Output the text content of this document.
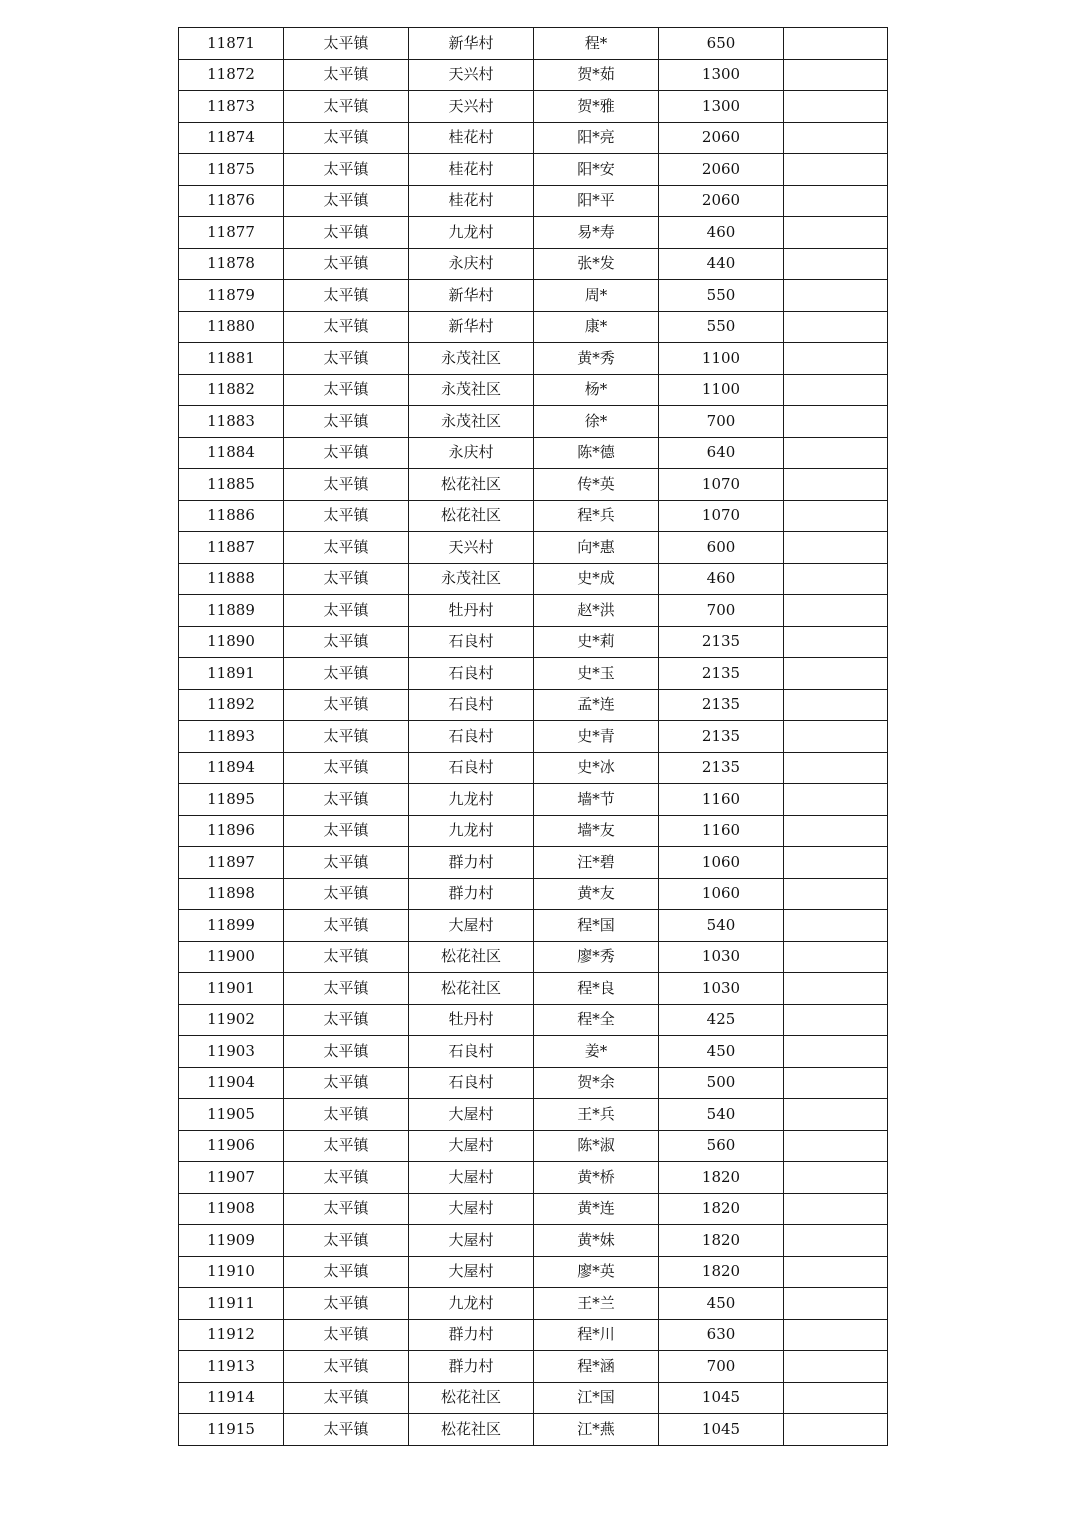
11871	太平镇	新华村	程*	650	
11872	太平镇	天兴村	贺*茹	1300	
11873	太平镇	天兴村	贺*雅	1300	
11874	太平镇	桂花村	阳*亮	2060	
11875	太平镇	桂花村	阳*安	2060	
11876	太平镇	桂花村	阳*平	2060	
11877	太平镇	九龙村	易*寿	460	
11878	太平镇	永庆村	张*发	440	
11879	太平镇	新华村	周*	550	
11880	太平镇	新华村	康*	550	
11881	太平镇	永茂社区	黄*秀	1100	
11882	太平镇	永茂社区	杨*	1100	
11883	太平镇	永茂社区	徐*	700	
11884	太平镇	永庆村	陈*德	640	
11885	太平镇	松花社区	传*英	1070	
11886	太平镇	松花社区	程*兵	1070	
11887	太平镇	天兴村	向*惠	600	
11888	太平镇	永茂社区	史*成	460	
11889	太平镇	牡丹村	赵*洪	700	
11890	太平镇	石良村	史*莉	2135	
11891	太平镇	石良村	史*玉	2135	
11892	太平镇	石良村	孟*连	2135	
11893	太平镇	石良村	史*青	2135	
11894	太平镇	石良村	史*冰	2135	
11895	太平镇	九龙村	墙*节	1160	
11896	太平镇	九龙村	墙*友	1160	
11897	太平镇	群力村	汪*碧	1060	
11898	太平镇	群力村	黄*友	1060	
11899	太平镇	大屋村	程*国	540	
11900	太平镇	松花社区	廖*秀	1030	
11901	太平镇	松花社区	程*良	1030	
11902	太平镇	牡丹村	程*全	425	
11903	太平镇	石良村	姜*	450	
11904	太平镇	石良村	贺*余	500	
11905	太平镇	大屋村	王*兵	540	
11906	太平镇	大屋村	陈*淑	560	
11907	太平镇	大屋村	黄*桥	1820	
11908	太平镇	大屋村	黄*连	1820	
11909	太平镇	大屋村	黄*妹	1820	
11910	太平镇	大屋村	廖*英	1820	
11911	太平镇	九龙村	王*兰	450	
11912	太平镇	群力村	程*川	630	
11913	太平镇	群力村	程*涵	700	
11914	太平镇	松花社区	江*国	1045	
11915	太平镇	松花社区	江*燕	1045	
